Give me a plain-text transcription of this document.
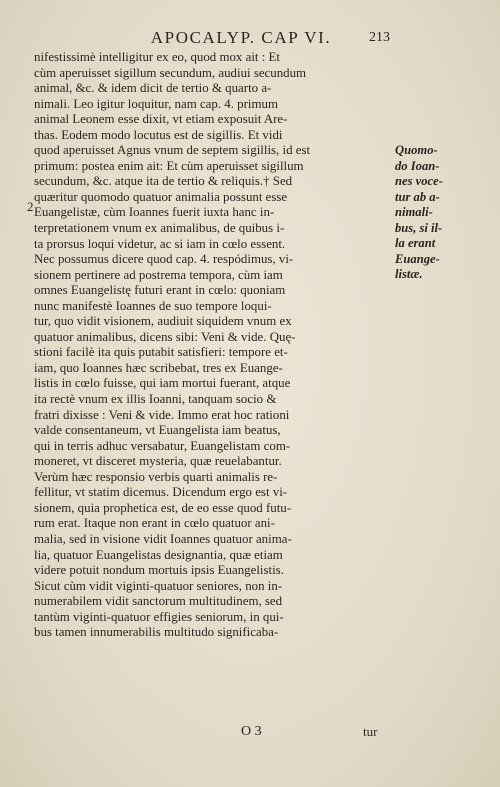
APOCALYP. CAP VI.	213
nifestissimè intelligitur ex eo, quod mox ait : Et
cùm aperuisset sigillum secundum, audiui secundum
animal, &c. & idem dicit de tertio & quarto a-
nimali. Leo igitur loquitur, nam cap. 4. primum
animal Leonem esse dixit, vt etiam exposuit Are-
thas. Eodem modo locutus est de sigillis. Et vidi
quod aperuisset Agnus vnum de septem sigillis, id est
primum: postea enim ait: Et cùm aperuisset sigillum
secundum, &c. atque ita de tertio & reliquis.† Sed
quæritur quomodo quatuor animalia possunt esse
Euangelistæ, cùm Ioannes fuerit iuxta hanc in-
terpretationem vnum ex animalibus, de quibus i-
ta prorsus loqui videtur, ac si iam in cœlo essent.
Nec possumus dicere quod cap. 4. respódimus, vi-
sionem pertinere ad postrema tempora, cùm iam
omnes Euangelistę futuri erant in cœlo: quoniam
nunc manifestè Ioannes de suo tempore loqui-
tur, quo vidit visionem, audiuit siquidem vnum ex
quatuor animalibus, dicens sibi: Veni & vide. Quę-
stioni facilè ita quis putabit satisfieri: tempore et-
iam, quo Ioannes hæc scribebat, tres ex Euange-
listis in cœlo fuisse, qui iam mortui fuerant, atque
ita rectè vnum ex illis Ioanni, tanquam socio &
fratri dixisse : Veni & vide. Immo erat hoc rationi
valde consentaneum, vt Euangelista iam beatus,
qui in terris adhuc versabatur, Euangelistam com-
moneret, vt disceret mysteria, quæ reuelabantur.
Verùm hæc responsio verbis quarti animalis re-
fellitur, vt statim dicemus. Dicendum ergo est vi-
sionem, quia prophetica est, de eo esse quod futu-
rum erat. Itaque non erant in cœlo quatuor ani-
malia, sed in visione vidit Ioannes quatuor anima-
lia, quatuor Euangelistas designantia, quæ etiam
videre potuit nondum mortuis ipsis Euangelistis.
Sicut cùm vidit viginti-quatuor seniores, non in-
numerabilem vidit sanctorum multitudinem, sed
tantùm viginti-quatuor effigies seniorum, in qui-
bus tamen innumerabilis multitudo significaba-
2
Quomo-
do Ioan-
nes voce-
tur ab a-
nimali-
bus, si il-
la erant
Euange-
listæ.
O 3	tur
